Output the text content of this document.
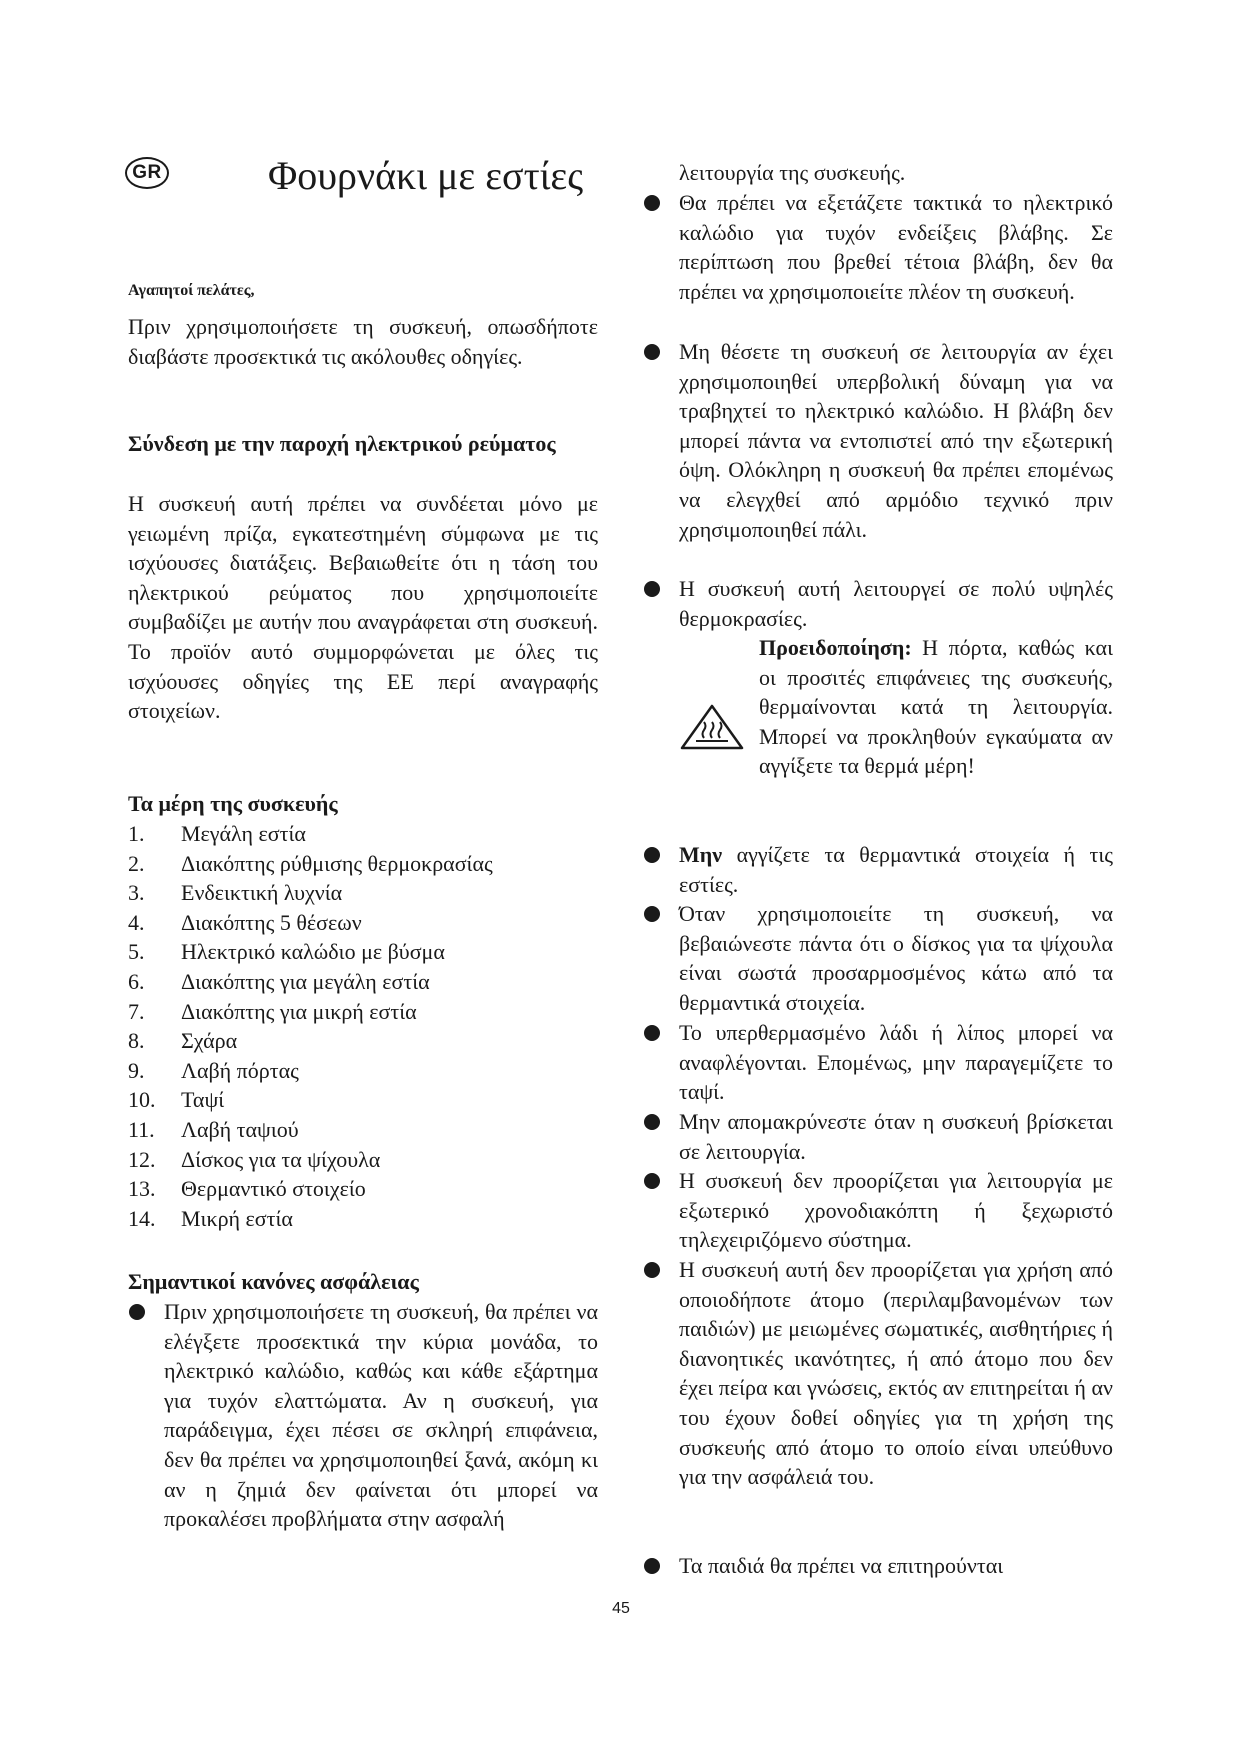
GR	Φουρνάκι με εστίες

Αγαπητοί πελάτες,

Πριν χρησιμοποιήσετε τη συσκευή, οπωσδήποτε διαβάστε προσεκτικά τις ακόλουθες οδηγίες.

Σύνδεση με την παροχή ηλεκτρικού ρεύματος

Η συσκευή αυτή πρέπει να συνδέεται μόνο με γειωμένη πρίζα, εγκατεστημένη σύμφωνα με τις ισχύουσες διατάξεις. Βεβαιωθείτε ότι η τάση του ηλεκτρικού ρεύματος που χρησιμοποιείτε συμβαδίζει με αυτήν που αναγράφεται στη συσκευή. Το προϊόν αυτό συμμορφώνεται με όλες τις ισχύουσες οδηγίες της ΕΕ περί αναγραφής στοιχείων.

Τα μέρη της συσκευής

1.	Μεγάλη εστία
2.	Διακόπτης ρύθμισης θερμοκρασίας
3.	Ενδεικτική λυχνία
4.	Διακόπτης 5 θέσεων
5.	Ηλεκτρικό καλώδιο με βύσμα
6.	Διακόπτης για μεγάλη εστία
7.	Διακόπτης για μικρή εστία
8.	Σχάρα
9.	Λαβή πόρτας
10.	Ταψί
11.	Λαβή ταψιού
12.	Δίσκος για τα ψίχουλα
13.	Θερμαντικό στοιχείο
14.	Μικρή εστία

Σημαντικοί κανόνες ασφάλειας

Πριν χρησιμοποιήσετε τη συσκευή, θα πρέπει να ελέγξετε προσεκτικά την κύρια μονάδα, το ηλεκτρικό καλώδιο, καθώς και κάθε εξάρτημα για τυχόν ελαττώματα. Αν η συσκευή, για παράδειγμα, έχει πέσει σε σκληρή επιφάνεια, δεν θα πρέπει να χρησιμοποιηθεί ξανά, ακόμη κι αν η ζημιά δεν φαίνεται ότι μπορεί να προκαλέσει προβλήματα στην ασφαλή

λειτουργία της συσκευής.

Θα πρέπει να εξετάζετε τακτικά το ηλεκτρικό καλώδιο για τυχόν ενδείξεις βλάβης. Σε περίπτωση που βρεθεί τέτοια βλάβη, δεν θα πρέπει να χρησιμοποιείτε πλέον τη συσκευή.
Μη θέσετε τη συσκευή σε λειτουργία αν έχει χρησιμοποιηθεί υπερβολική δύναμη για να τραβηχτεί το ηλεκτρικό καλώδιο. Η βλάβη δεν μπορεί πάντα να εντοπιστεί από την εξωτερική όψη. Ολόκληρη η συσκευή θα πρέπει επομένως να ελεγχθεί από αρμόδιο τεχνικό πριν χρησιμοποιηθεί πάλι.
Η συσκευή αυτή λειτουργεί σε πολύ υψηλές θερμοκρασίες.

Προειδοποίηση: Η πόρτα, καθώς και οι προσιτές επιφάνειες της συσκευής, θερμαίνονται κατά τη λειτουργία. Μπορεί να προκληθούν εγκαύματα αν αγγίξετε τα θερμά μέρη!

Μην αγγίζετε τα θερμαντικά στοιχεία ή τις εστίες.
Όταν χρησιμοποιείτε τη συσκευή, να βεβαιώνεστε πάντα ότι ο δίσκος για τα ψίχουλα είναι σωστά προσαρμοσμένος κάτω από τα θερμαντικά στοιχεία.
Το υπερθερμασμένο λάδι ή λίπος μπορεί να αναφλέγονται. Επομένως, μην παραγεμίζετε το ταψί.
Μην απομακρύνεστε όταν η συσκευή βρίσκεται σε λειτουργία.
Η συσκευή δεν προορίζεται για λειτουργία με εξωτερικό χρονοδιακόπτη ή ξεχωριστό τηλεχειριζόμενο σύστημα.
Η συσκευή αυτή δεν προορίζεται για χρήση από οποιοδήποτε άτομο (περιλαμβανομένων των παιδιών) με μειωμένες σωματικές, αισθητήριες ή διανοητικές ικανότητες, ή από άτομο που δεν έχει πείρα και γνώσεις, εκτός αν επιτηρείται ή αν του έχουν δοθεί οδηγίες για τη χρήση της συσκευής από άτομο το οποίο είναι υπεύθυνο για την ασφάλειά του.
Τα παιδιά θα πρέπει να επιτηρούνται
45
